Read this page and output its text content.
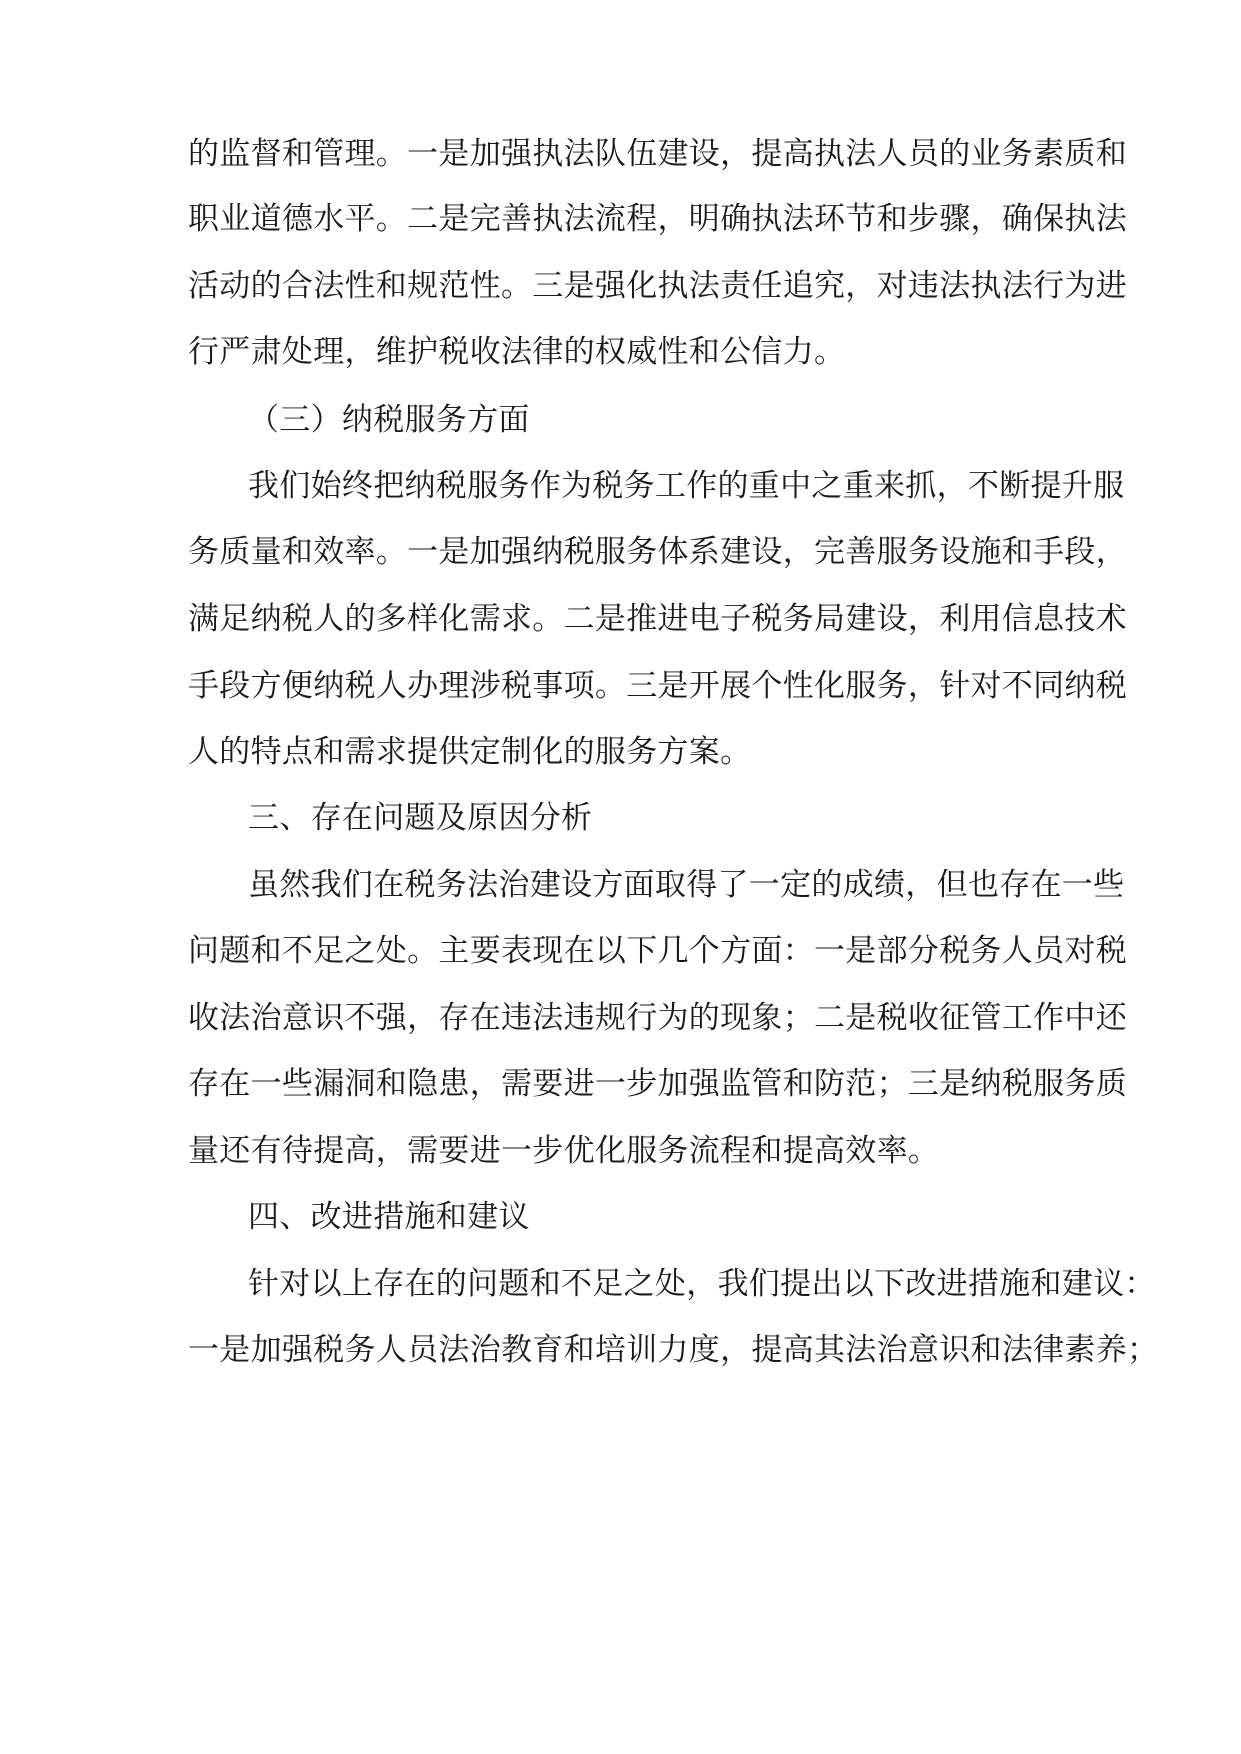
的监督和管理。一是加强执法队伍建设，提高执法人员的业务素质和
职业道德水平。二是完善执法流程，明确执法环节和步骤，确保执法
活动的合法性和规范性。三是强化执法责任追究，对违法执法行为进
行严肃处理，维护税收法律的权威性和公信力。
（三）纳税服务方面
我们始终把纳税服务作为税务工作的重中之重来抓，不断提升服
务质量和效率。一是加强纳税服务体系建设，完善服务设施和手段，
满足纳税人的多样化需求。二是推进电子税务局建设，利用信息技术
手段方便纳税人办理涉税事项。三是开展个性化服务，针对不同纳税
人的特点和需求提供定制化的服务方案。
三、存在问题及原因分析
虽然我们在税务法治建设方面取得了一定的成绩，但也存在一些
问题和不足之处。主要表现在以下几个方面：一是部分税务人员对税
收法治意识不强，存在违法违规行为的现象；二是税收征管工作中还
存在一些漏洞和隐患，需要进一步加强监管和防范；三是纳税服务质
量还有待提高，需要进一步优化服务流程和提高效率。
四、改进措施和建议
针对以上存在的问题和不足之处，我们提出以下改进措施和建议：
一是加强税务人员法治教育和培训力度，提高其法治意识和法律素养；
